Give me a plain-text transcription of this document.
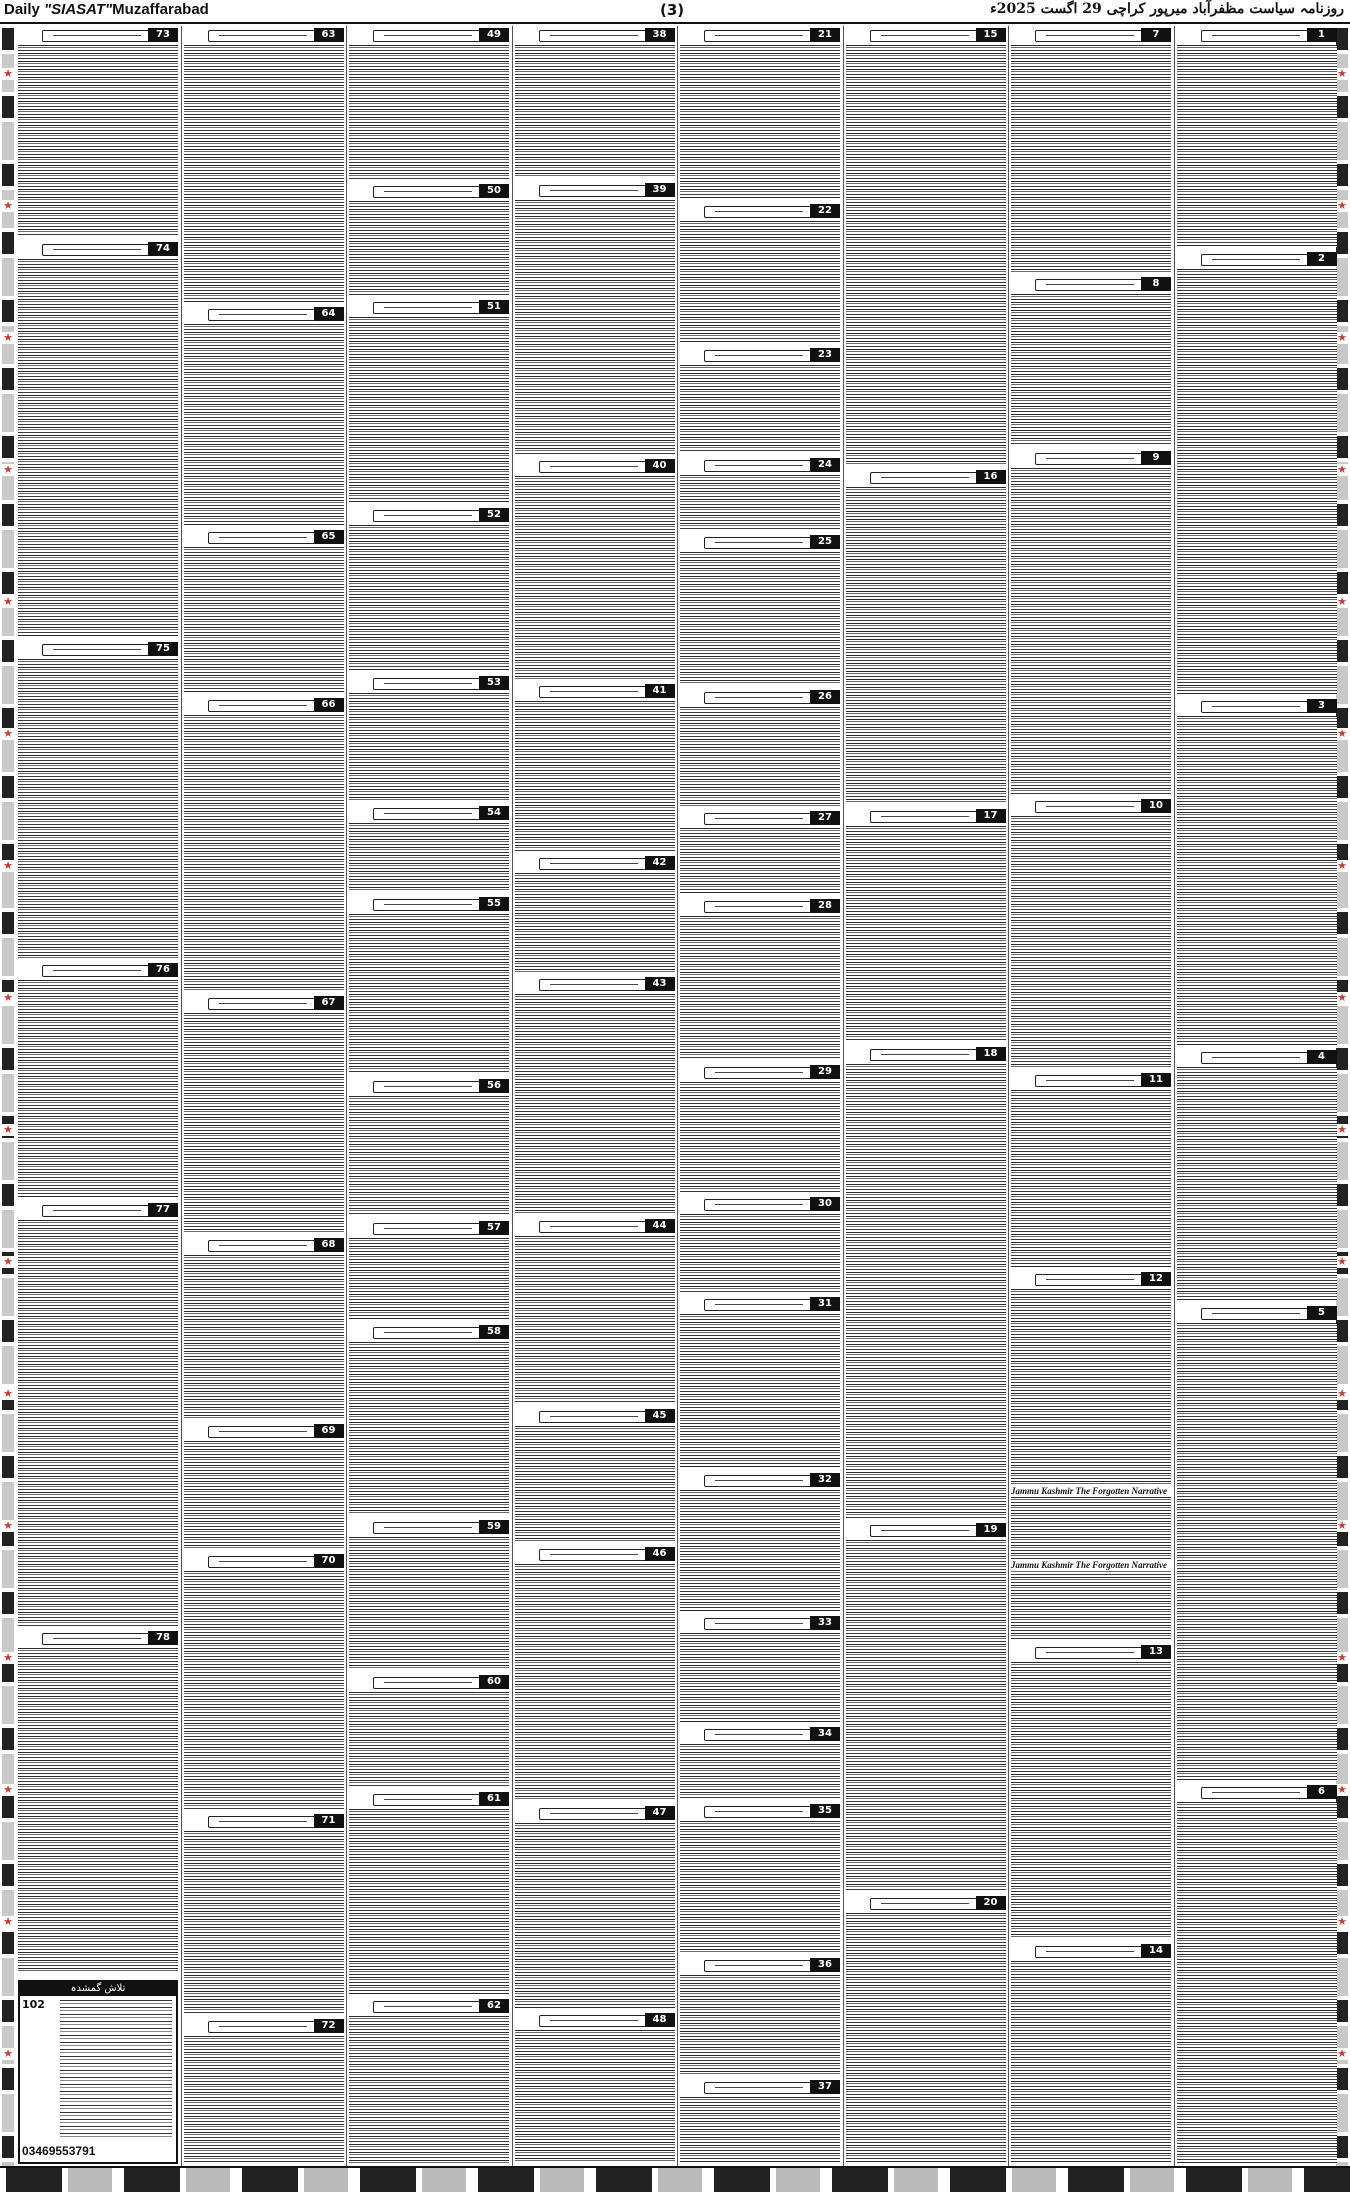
Daily "SIASAT"Muzaffarabad	(3)	روزنامہ سیاست مظفرآباد میرپور کراچی 29 اگست 2025ء
★
★
★
★
★
★
★
★
★
★
★
★
★
★
★
★
★
★
★
★
★
★
★
★
★
★
★
★
★
★
★
★
1
2
3
4
5
6
7
8
9
10
11
12
13
14
Jammu Kashmir The Forgotten Narrative
Jammu Kashmir The Forgotten Narrative
15
16
17
18
19
20
21
22
23
24
25
26
27
28
29
30
31
32
33
34
35
36
37
38
39
40
41
42
43
44
45
46
47
48
49
50
51
52
53
54
55
56
57
58
59
60
61
62
63
64
65
66
67
68
69
70
71
72
73
74
75
76
77
78
تلاش گمشدہ
102
03469553791
